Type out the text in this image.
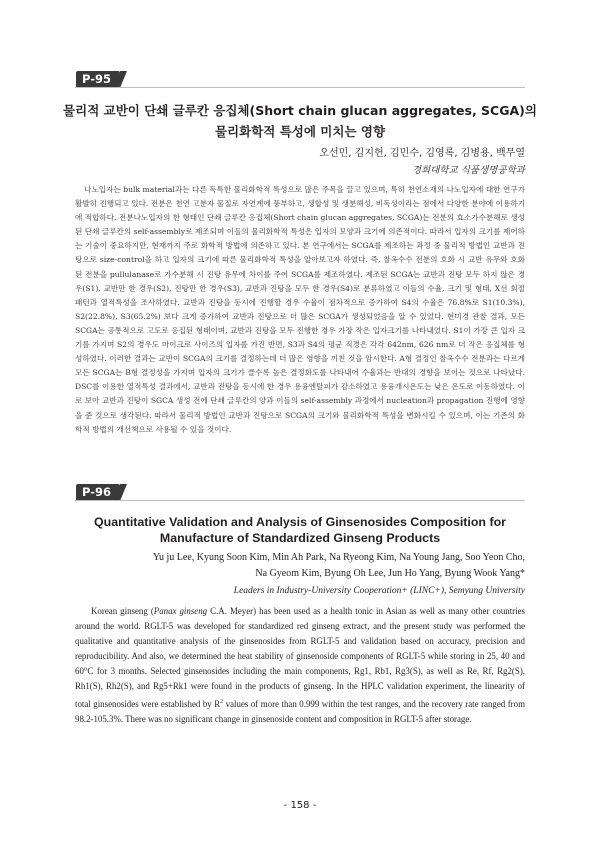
P-95
물리적 교반이 단쇄 글루칸 응집체(Short chain glucan aggregates, SCGA)의
물리화학적 특성에 미치는 영향
오선민, 김지헌, 김민수, 김영록, 김병용, 백무열
경희대학교 식품생명공학과
나노입자는 bulk material과는 다른 독특한 물리화학적 특성으로 많은 주목을 끌고 있으며, 특히 천연소재의 나노입자에 대한 연구가 활발히 진행되고 있다. 전분은 천연 고분자 물질로 자연계에 풍부하고, 생합성 및 생분해성, 비독성이라는 점에서 다양한 분야에 이용하기에 적합하다. 전분나노입자의 한 형태인 단쇄 글루칸 응집체(Short chain glucan aggregates, SCGA)는 전분의 효소가수분해로 생성된 단쇄 글루칸의 self-assembly로 제조되며 이들의 물리화학적 특성은 입자의 모양과 크기에 의존적이다. 따라서 입자의 크기를 제어하는 기술이 중요하지만, 현재까지 주로 화학적 방법에 의존하고 있다. 본 연구에서는 SCGA를 제조하는 과정 중 물리적 방법인 교반과 진탕으로 size-control을 하고 입자의 크기에 따른 물리화학적 특성을 알아보고자 하였다. 즉, 찰옥수수 전분의 호화 시 교반 유무와 호화된 전분을 pullulanase로 가수분해 시 진탕 유무에 차이를 주어 SCGA를 제조하였다. 제조된 SCGA는 교반과 진탕 모두 하지 않은 경우(S1), 교반만 한 경우(S2), 진탕만 한 경우(S3), 교반과 진탕을 모두 한 경우(S4)로 분류하였고 이들의 수율, 크기 및 형태, X선 회절 패턴과 열적특성을 조사하였다. 교반과 진탕을 동시에 진행할 경우 수율이 점차적으로 증가하여 S4의 수율은 76.8%로 S1(10.3%), S2(22.8%), S3(65.2%) 보다 크게 증가하여 교반과 진탕으로 더 많은 SCGA가 생성되었음을 알 수 있었다. 현미경 관찰 결과, 모든 SCGA는 공통적으로 고도로 응집된 형태이며, 교반과 진탕을 모두 진행한 경우 가장 작은 입자크기를 나타내었다. S1이 가장 큰 입자 크기를 가지며 S2의 경우도 마이크로 사이즈의 입자를 가진 반면, S3과 S4의 평균 직경은 각각 642nm, 626 nm로 더 작은 응집체를 형성하였다. 이러한 결과는 교반이 SCGA의 크기를 결정하는데 더 많은 영향을 끼친 것을 암시한다. A형 결정인 찰옥수수 전분과는 다르게 모든 SCGA는 B형 결정성을 가지며 입자의 크기가 클수록 높은 결정화도를 나타내어 수율과는 반대의 경향을 보이는 것으로 나타났다. DSC를 이용한 열적특성 결과에서, 교반과 진탕을 동시에 한 경우 용융엔탈피가 감소하였고 용융개시온도는 낮은 온도로 이동하였다. 이로 보아 교반과 진탕이 SGCA 생성 전에 단쇄 글루칸의 양과 이들의 self-assembly 과정에서 nucleation과 propagation 진행에 영향을 준 것으로 생각된다. 따라서 물리적 방법인 교반과 진탕으로 SCGA의 크기와 물리화학적 특성을 변화시킬 수 있으며, 이는 기존의 화학적 방법의 개선책으로 사용될 수 있을 것이다.
P-96
Quantitative Validation and Analysis of Ginsenosides Composition for
Manufacture of Standardized Ginseng Products
Yu ju Lee, Kyung Soon Kim, Min Ah Park, Na Ryeong Kim, Na Young Jang, Soo Yeon Cho,
Na Gyeom Kim, Byung Oh Lee, Jun Ho Yang, Byung Wook Yang*
Leaders in Industry-University Cooperation+ (LINC+), Semyung University
Korean ginseng (Panax ginseng C.A. Meyer) has been used as a health tonic in Asian as well as many other countries around the world. RGLT-5 was developed for standardized red ginseng extract, and the present study was performed the qualitative and quantitative analysis of the ginsenosides from RGLT-5 and validation based on accuracy, precision and reproducibility. And also, we determined the heat stability of ginsenoside components of RGLT-5 while storing in 25, 40 and 60°C for 3 months. Selected ginsenosides including the main components, Rg1, Rb1, Rg3(S), as well as Re, Rf, Rg2(S), Rh1(S), Rh2(S), and Rg5+Rk1 were found in the products of ginseng. In the HPLC validation experiment, the linearity of total ginsenosides were established by $R^2$ values of more than 0.999 within the test ranges, and the recovery rate ranged from 98.2-105.3%. There was no significant change in ginsenoside content and composition in RGLT-5 after storage.
- 158 -
